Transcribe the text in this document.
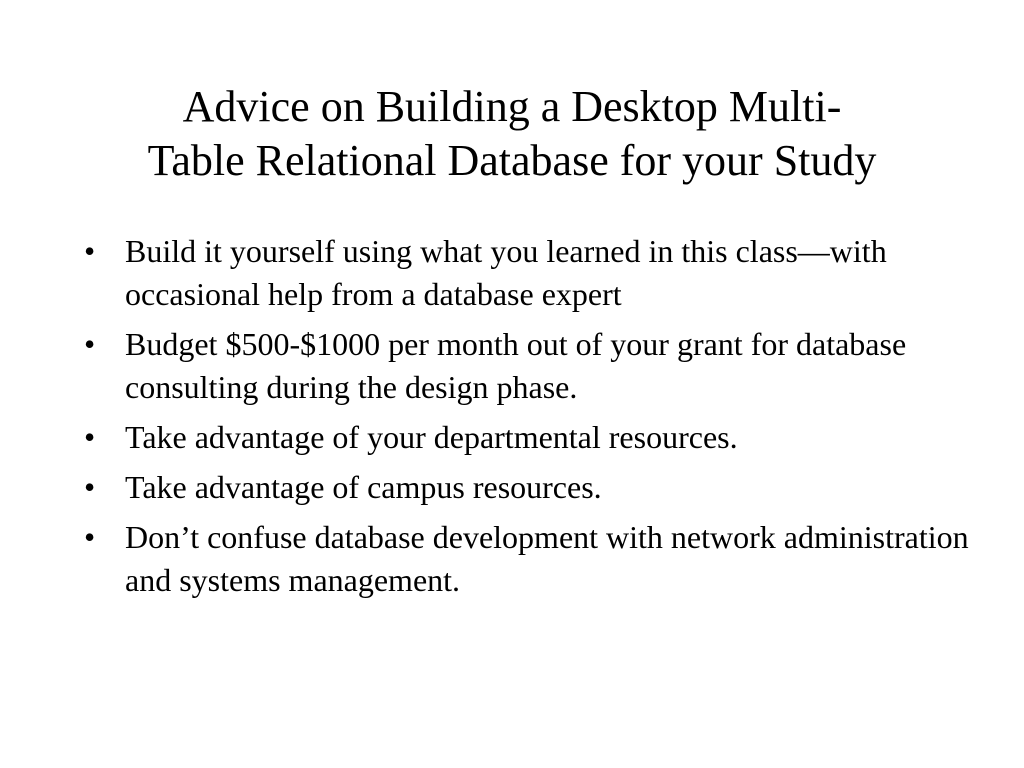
Advice on Building a Desktop Multi-
Table Relational Database for your Study
• Build it yourself using what you learned in this class—with occasional help from a database expert
• Budget $500-$1000 per month out of your grant for database consulting during the design phase.
• Take advantage of your departmental resources.
• Take advantage of campus resources.
• Don’t confuse database development with network administration and systems management.
